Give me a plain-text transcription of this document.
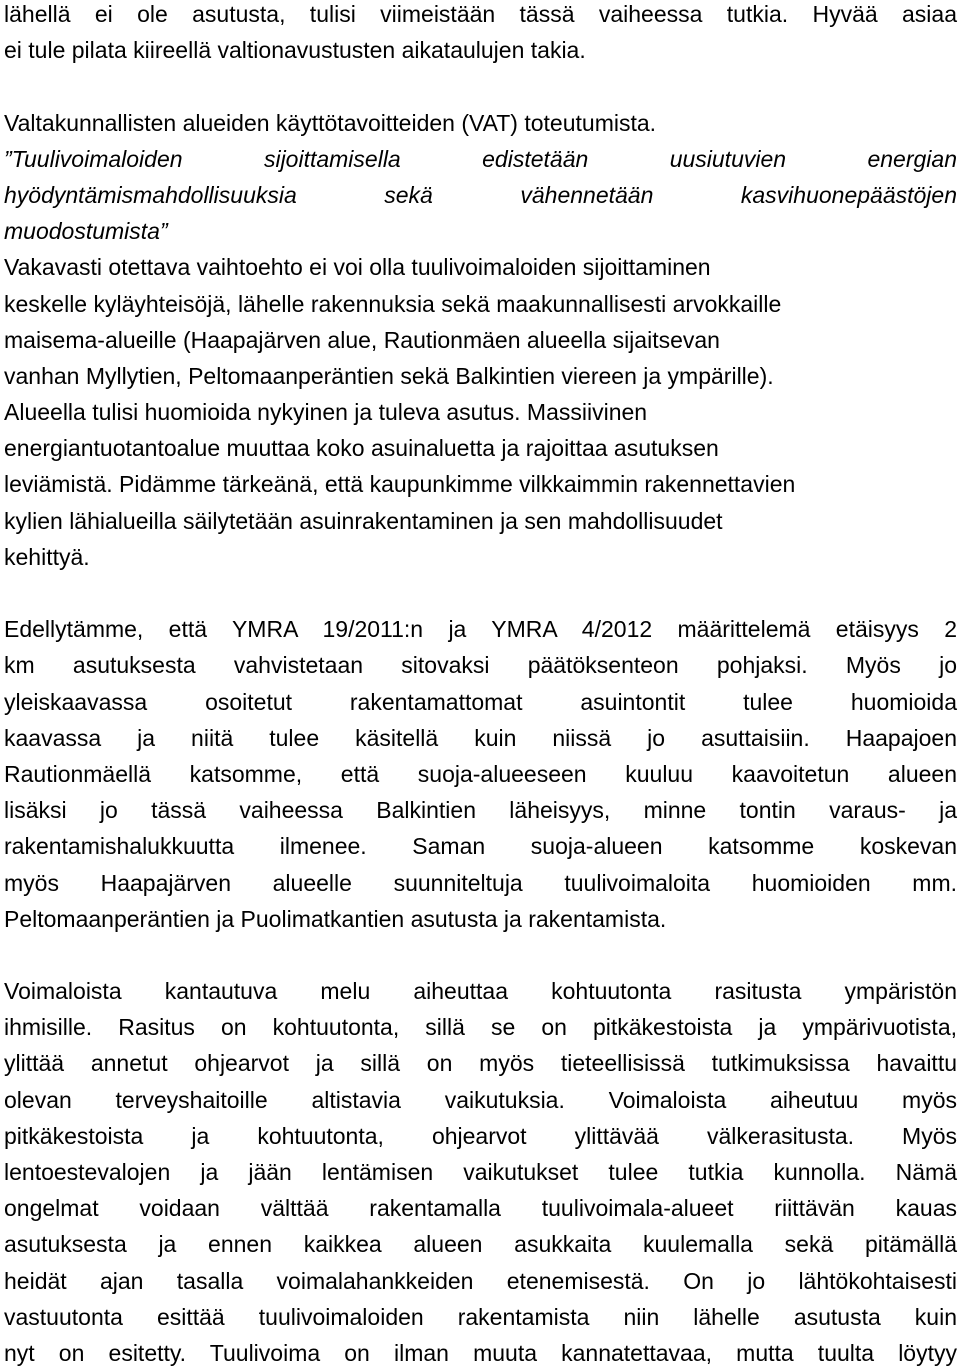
lähellä ei ole asutusta, tulisi viimeistään tässä vaiheessa tutkia. Hyvää asiaa
ei tule pilata kiireellä valtionavustusten aikataulujen takia.
Valtakunnallisten alueiden käyttötavoitteiden (VAT) toteutumista.
”Tuulivoimaloiden sijoittamisella edistetään uusiutuvien energian
hyödyntämismahdollisuuksia sekä vähennetään kasvihuonepäästöjen
muodostumista”
Vakavasti otettava vaihtoehto ei voi olla tuulivoimaloiden sijoittaminen
keskelle kyläyhteisöjä, lähelle rakennuksia sekä maakunnallisesti arvokkaille
maisema-alueille (Haapajärven alue, Rautionmäen alueella sijaitsevan
vanhan Myllytien, Peltomaanperäntien sekä Balkintien viereen ja ympärille).
Alueella tulisi huomioida nykyinen ja tuleva asutus. Massiivinen
energiantuotantoalue muuttaa koko asuinaluetta ja rajoittaa asutuksen
leviämistä. Pidämme tärkeänä, että kaupunkimme vilkkaimmin rakennettavien
kylien lähialueilla säilytetään asuinrakentaminen ja sen mahdollisuudet
kehittyä.
Edellytämme, että YMRA 19/2011:n ja YMRA 4/2012 määrittelemä etäisyys 2
km asutuksesta vahvistetaan sitovaksi päätöksenteon pohjaksi. Myös jo
yleiskaavassa osoitetut rakentamattomat asuintontit tulee huomioida
kaavassa ja niitä tulee käsitellä kuin niissä jo asuttaisiin. Haapajoen
Rautionmäellä katsomme, että suoja-alueeseen kuuluu kaavoitetun alueen
lisäksi jo tässä vaiheessa Balkintien läheisyys, minne tontin varaus- ja
rakentamishalukkuutta ilmenee. Saman suoja-alueen katsomme koskevan
myös Haapajärven alueelle suunniteltuja tuulivoimaloita huomioiden mm.
Peltomaanperäntien ja Puolimatkantien asutusta ja rakentamista.
Voimaloista kantautuva melu aiheuttaa kohtuutonta rasitusta ympäristön
ihmisille. Rasitus on kohtuutonta, sillä se on pitkäkestoista ja ympärivuotista,
ylittää annetut ohjearvot ja sillä on myös tieteellisissä tutkimuksissa havaittu
olevan terveyshaitoille altistavia vaikutuksia. Voimaloista aiheutuu myös
pitkäkestoista ja kohtuutonta, ohjearvot ylittävää välkerasitusta. Myös
lentoestevalojen ja jään lentämisen vaikutukset tulee tutkia kunnolla. Nämä
ongelmat voidaan välttää rakentamalla tuulivoimala-alueet riittävän kauas
asutuksesta ja ennen kaikkea alueen asukkaita kuulemalla sekä pitämällä
heidät ajan tasalla voimalahankkeiden etenemisestä. On jo lähtökohtaisesti
vastuutonta esittää tuulivoimaloiden rakentamista niin lähelle asutusta kuin
nyt on esitetty. Tuulivoima on ilman muuta kannatettavaa, mutta tuulta löytyy
